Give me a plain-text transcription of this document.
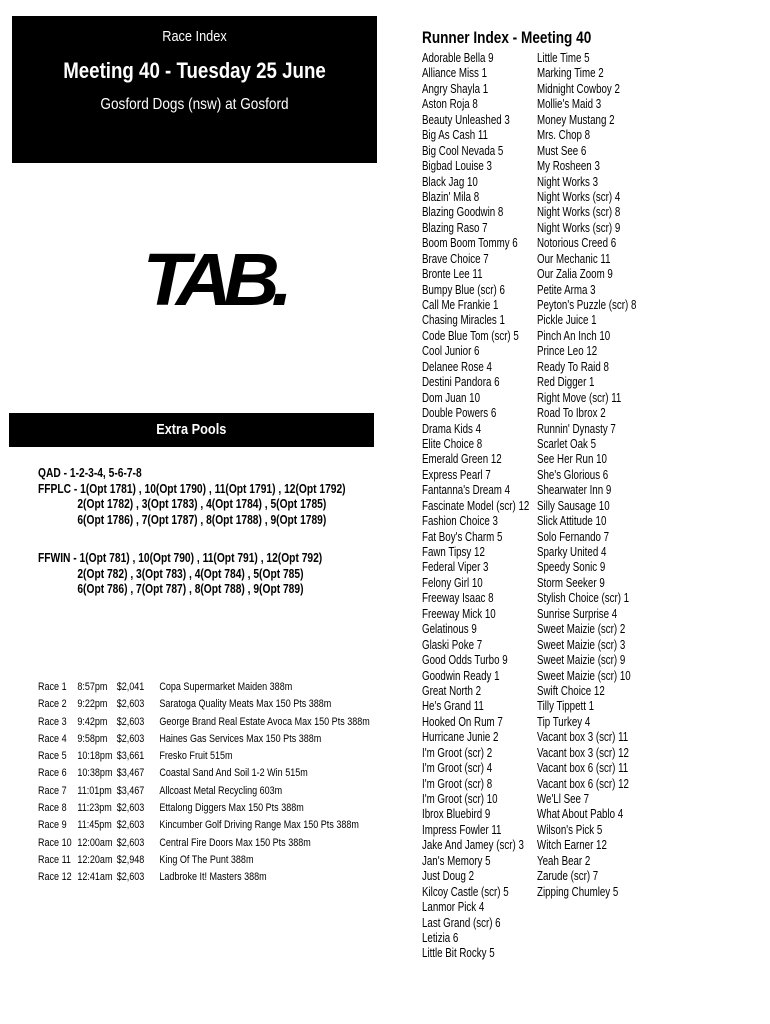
Race Index
Meeting 40 - Tuesday 25 June
Gosford Dogs (nsw) at Gosford
TAB.
Extra Pools
QAD - 1-2-3-4, 5-6-7-8
FFPLC - 1(Opt 1781) , 10(Opt 1790) , 11(Opt 1791) , 12(Opt 1792)
2(Opt 1782) , 3(Opt 1783) , 4(Opt 1784) , 5(Opt 1785)
6(Opt 1786) , 7(Opt 1787) , 8(Opt 1788) , 9(Opt 1789)
FFWIN - 1(Opt 781) , 10(Opt 790) , 11(Opt 791) , 12(Opt 792)
2(Opt 782) , 3(Opt 783) , 4(Opt 784) , 5(Opt 785)
6(Opt 786) , 7(Opt 787) , 8(Opt 788) , 9(Opt 789)
Race 1 8:57pm $2,041	Copa Supermarket Maiden 388m
Race 2 9:22pm $2,603	Saratoga Quality Meats Max 150 Pts 388m
Race 3 9:42pm $2,603	George Brand Real Estate Avoca Max 150 Pts 388m
Race 4 9:58pm $2,603	Haines Gas Services Max 150 Pts 388m
Race 5 10:18pm $3,661	Fresko Fruit 515m
Race 6 10:38pm $3,467	Coastal Sand And Soil 1-2 Win 515m
Race 7 11:01pm $3,467	Allcoast Metal Recycling 603m
Race 8 11:23pm $2,603	Ettalong Diggers Max 150 Pts 388m
Race 9 11:45pm $2,603	Kincumber Golf Driving Range Max 150 Pts 388m
Race 10 12:00am $2,603	Central Fire Doors Max 150 Pts 388m
Race 11 12:20am $2,948	King Of The Punt 388m
Race 12 12:41am $2,603	Ladbroke It! Masters 388m
Runner Index - Meeting 40
Adorable Bella 9
Alliance Miss 1
Angry Shayla 1
Aston Roja 8
Beauty Unleashed 3
Big As Cash 11
Big Cool Nevada 5
Bigbad Louise 3
Black Jag 10
Blazin' Mila 8
Blazing Goodwin 8
Blazing Raso 7
Boom Boom Tommy 6
Brave Choice 7
Bronte Lee 11
Bumpy Blue (scr) 6
Call Me Frankie 1
Chasing Miracles 1
Code Blue Tom (scr) 5
Cool Junior 6
Delanee Rose 4
Destini Pandora 6
Dom Juan 10
Double Powers 6
Drama Kids 4
Elite Choice 8
Emerald Green 12
Express Pearl 7
Fantanna's Dream 4
Fascinate Model (scr) 12
Fashion Choice 3
Fat Boy's Charm 5
Fawn Tipsy 12
Federal Viper 3
Felony Girl 10
Freeway Isaac 8
Freeway Mick 10
Gelatinous 9
Glaski Poke 7
Good Odds Turbo 9
Goodwin Ready 1
Great North 2
He's Grand 11
Hooked On Rum 7
Hurricane Junie 2
I'm Groot (scr) 2
I'm Groot (scr) 4
I'm Groot (scr) 8
I'm Groot (scr) 10
Ibrox Bluebird 9
Impress Fowler 11
Jake And Jamey (scr) 3
Jan's Memory 5
Just Doug 2
Kilcoy Castle (scr) 5
Lanmor Pick 4
Last Grand (scr) 6
Letizia 6
Little Bit Rocky 5
Little Time 5
Marking Time 2
Midnight Cowboy 2
Mollie's Maid 3
Money Mustang 2
Mrs. Chop 8
Must See 6
My Rosheen 3
Night Works 3
Night Works (scr) 4
Night Works (scr) 8
Night Works (scr) 9
Notorious Creed 6
Our Mechanic 11
Our Zalia Zoom 9
Petite Arma 3
Peyton's Puzzle (scr) 8
Pickle Juice 1
Pinch An Inch 10
Prince Leo 12
Ready To Raid 8
Red Digger 1
Right Move (scr) 11
Road To Ibrox 2
Runnin' Dynasty 7
Scarlet Oak 5
See Her Run 10
She's Glorious 6
Shearwater Inn 9
Silly Sausage 10
Slick Attitude 10
Solo Fernando 7
Sparky United 4
Speedy Sonic 9
Storm Seeker 9
Stylish Choice (scr) 1
Sunrise Surprise 4
Sweet Maizie (scr) 2
Sweet Maizie (scr) 3
Sweet Maizie (scr) 9
Sweet Maizie (scr) 10
Swift Choice 12
Tilly Tippett 1
Tip Turkey 4
Vacant box 3 (scr) 11
Vacant box 3 (scr) 12
Vacant box 6 (scr) 11
Vacant box 6 (scr) 12
We'Ll See 7
What About Pablo 4
Wilson's Pick 5
Witch Earner 12
Yeah Bear 2
Zarude (scr) 7
Zipping Chumley 5
